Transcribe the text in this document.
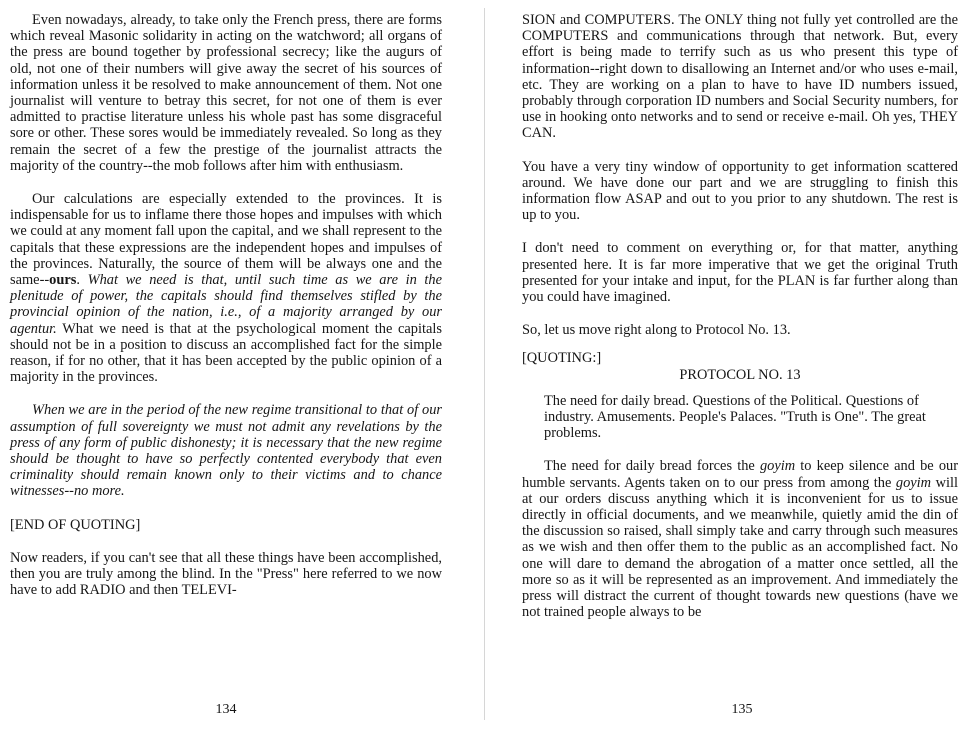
Even nowadays, already, to take only the French press, there are forms which reveal Masonic solidarity in acting on the watchword; all organs of the press are bound together by professional secrecy; like the augurs of old, not one of their numbers will give away the secret of his sources of information unless it be resolved to make announcement of them. Not one journalist will venture to betray this secret, for not one of them is ever admitted to practise literature unless his whole past has some disgraceful sore or other. These sores would be immediately revealed. So long as they remain the secret of a few the prestige of the journalist attracts the majority of the country--the mob follows after him with enthusiasm.

Our calculations are especially extended to the provinces. It is indispensable for us to inflame there those hopes and impulses with which we could at any moment fall upon the capital, and we shall represent to the capitals that these expressions are the independent hopes and impulses of the provinces. Naturally, the source of them will be always one and the same--ours. What we need is that, until such time as we are in the plenitude of power, the capitals should find themselves stifled by the provincial opinion of the nation, i.e., of a majority arranged by our agentur. What we need is that at the psychological moment the capitals should not be in a position to discuss an accomplished fact for the simple reason, if for no other, that it has been accepted by the public opinion of a majority in the provinces.

When we are in the period of the new regime transitional to that of our assumption of full sovereignty we must not admit any revelations by the press of any form of public dishonesty; it is necessary that the new regime should be thought to have so perfectly contented everybody that even criminality should remain known only to their victims and to chance witnesses--no more.

[END OF QUOTING]

Now readers, if you can't see that all these things have been accomplished, then you are truly among the blind. In the "Press" here referred to we now have to add RADIO and then TELEVI-

SION and COMPUTERS. The ONLY thing not fully yet controlled are the COMPUTERS and communications through that network. But, every effort is being made to terrify such as us who present this type of information--right down to disallowing an Internet and/or who uses e-mail, etc. They are working on a plan to have to have ID numbers issued, probably through corporation ID numbers and Social Security numbers, for use in hooking onto networks and to send or receive e-mail. Oh yes, THEY CAN.

You have a very tiny window of opportunity to get information scattered around. We have done our part and we are struggling to finish this information flow ASAP and out to you prior to any shutdown. The rest is up to you.

I don't need to comment on everything or, for that matter, anything presented here. It is far more imperative that we get the original Truth presented for your intake and input, for the PLAN is far further along than you could have imagined.

So, let us move right along to Protocol No. 13.

[QUOTING:]

PROTOCOL NO. 13

The need for daily bread. Questions of the Political. Questions of industry. Amusements. People's Palaces. "Truth is One". The great problems.

The need for daily bread forces the goyim to keep silence and be our humble servants. Agents taken on to our press from among the goyim will at our orders discuss anything which it is inconvenient for us to issue directly in official documents, and we meanwhile, quietly amid the din of the discussion so raised, shall simply take and carry through such measures as we wish and then offer them to the public as an accomplished fact. No one will dare to demand the abrogation of a matter once settled, all the more so as it will be represented as an improvement. And immediately the press will distract the current of thought towards new questions (have we not trained people always to be

134	135
